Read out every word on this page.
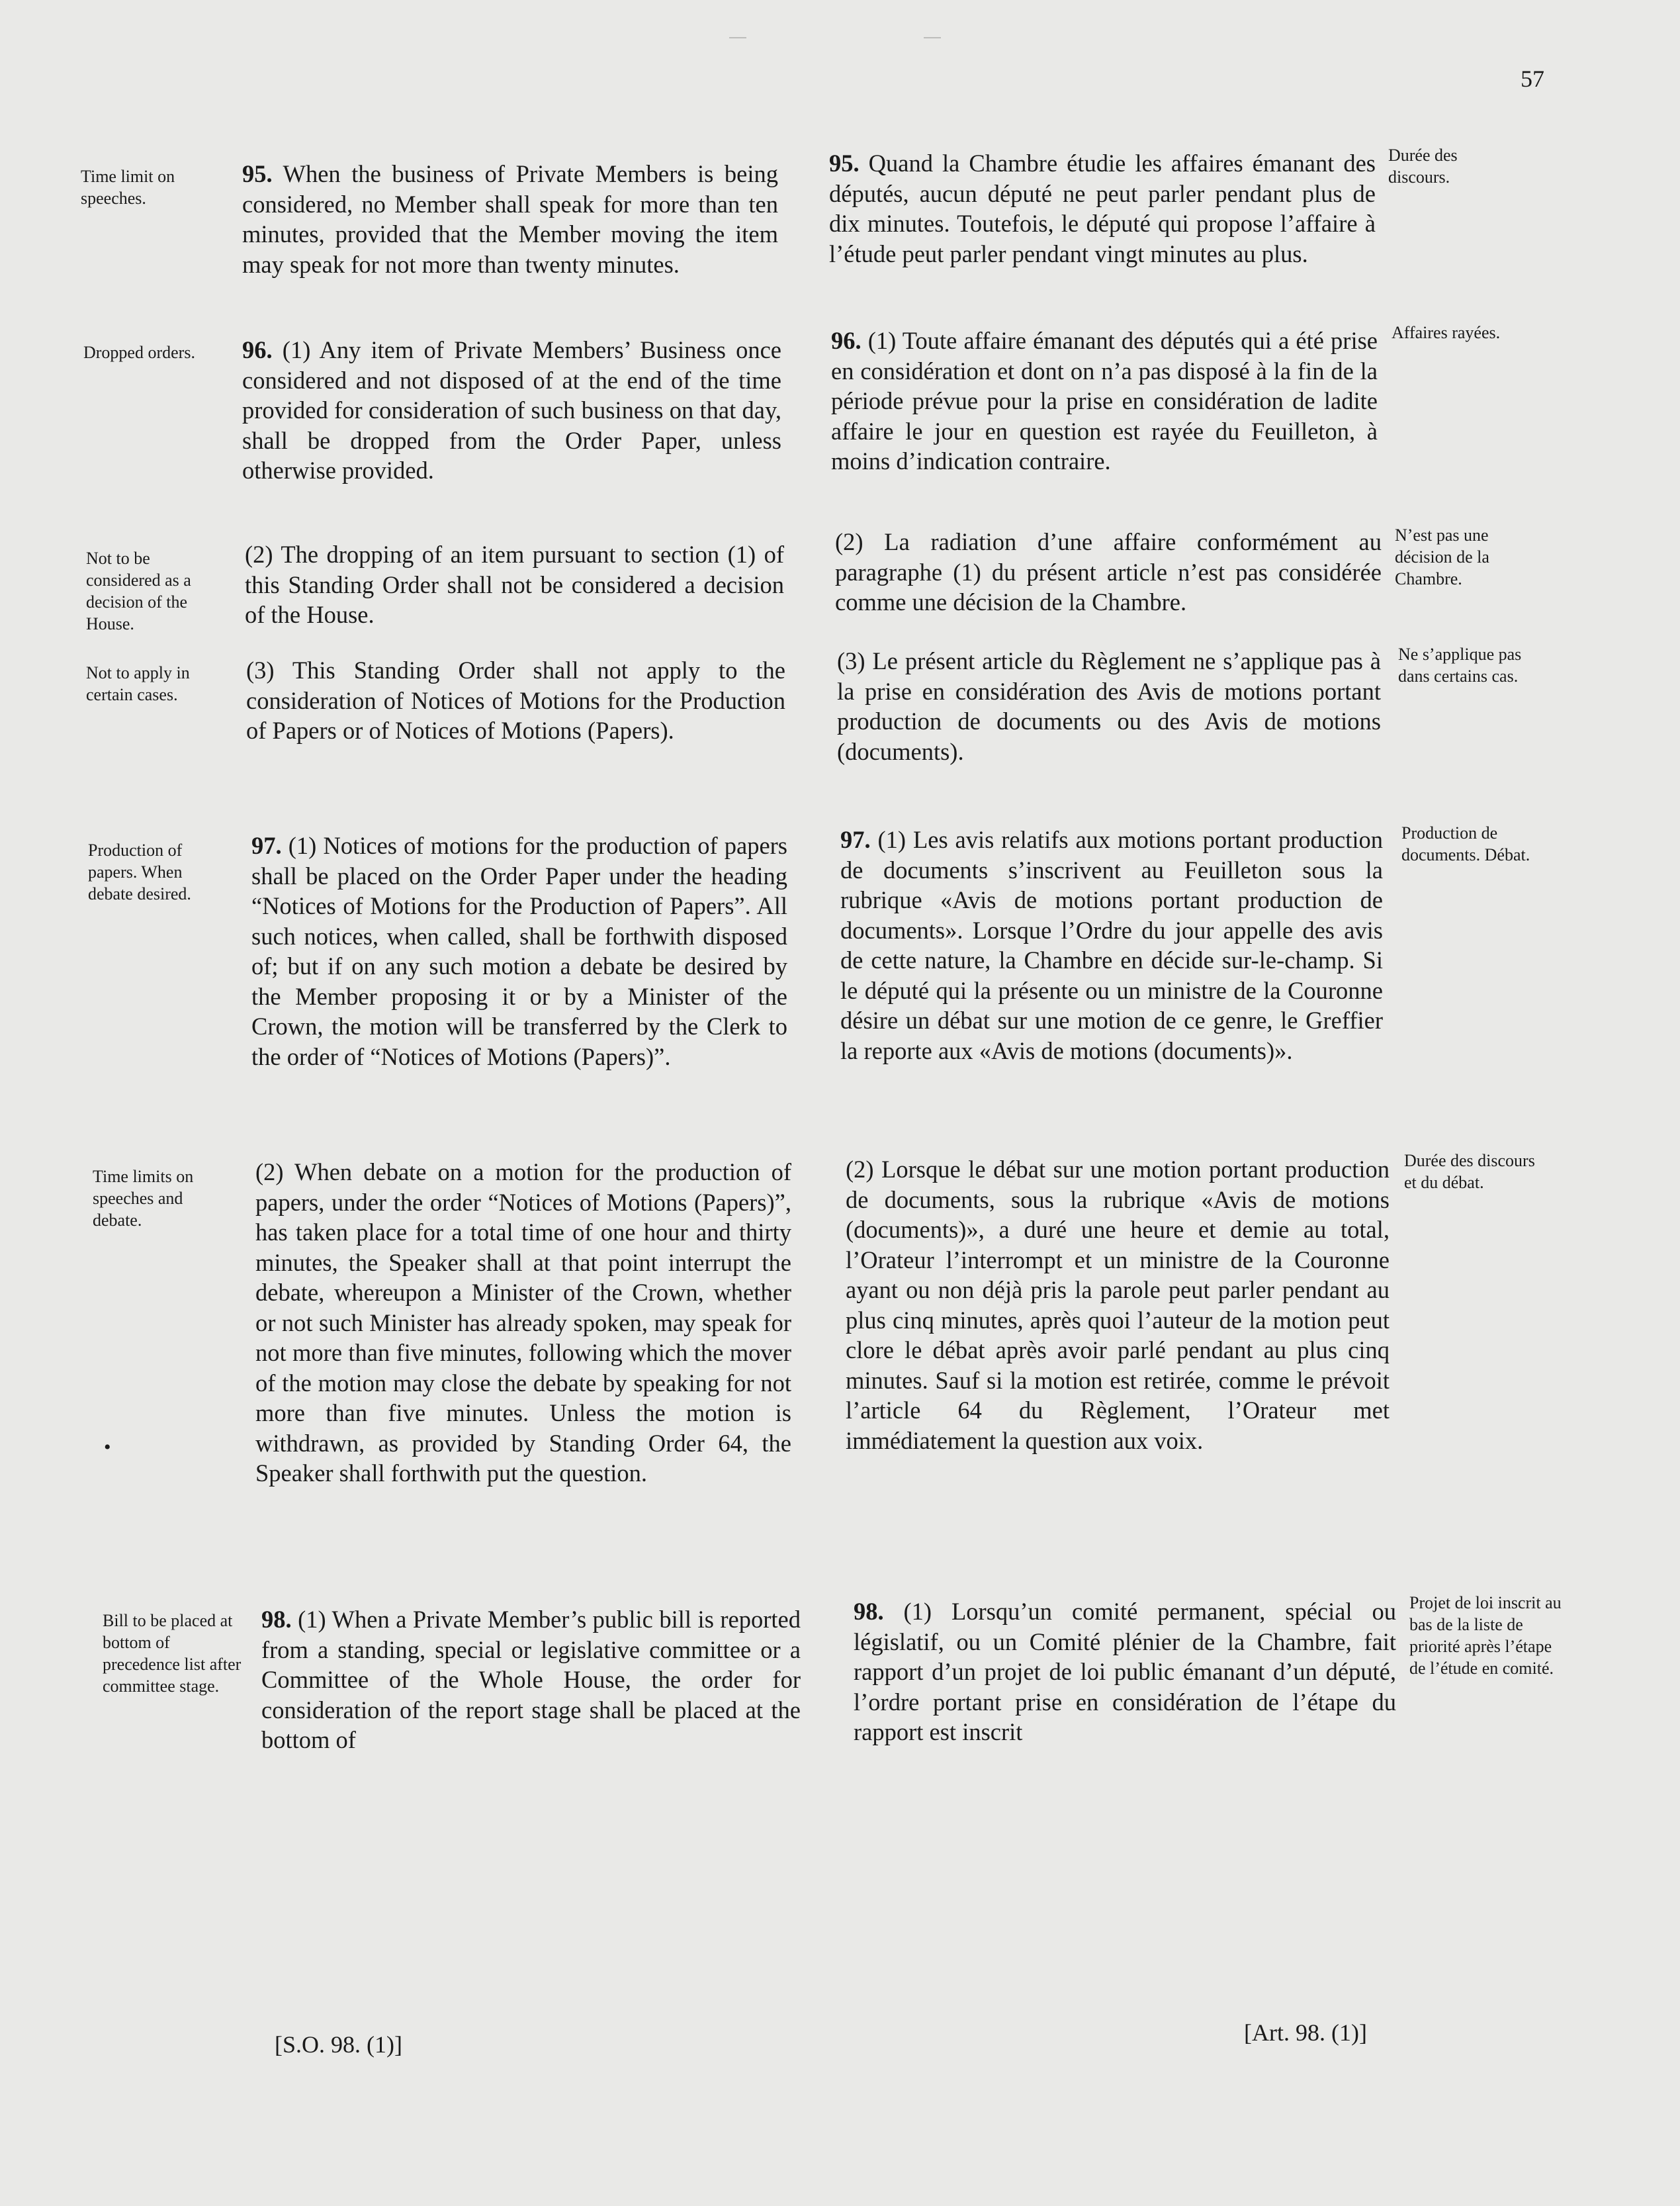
57
Time limit on speeches.
Dropped orders.
Not to be considered as a decision of the House.
Not to apply in certain cases.
Production of papers. When debate desired.
Time limits on speeches and debate.
Bill to be placed at bottom of precedence list after committee stage.
95. When the business of Private Members is being considered, no Member shall speak for more than ten minutes, provided that the Member moving the item may speak for not more than twenty minutes.
96. (1) Any item of Private Members’ Business once considered and not disposed of at the end of the time provided for consideration of such business on that day, shall be dropped from the Order Paper, unless otherwise provided.
(2) The dropping of an item pursuant to section (1) of this Standing Order shall not be considered a decision of the House.
(3) This Standing Order shall not apply to the consideration of Notices of Motions for the Production of Papers or of Notices of Motions (Papers).
97. (1) Notices of motions for the production of papers shall be placed on the Order Paper under the heading “Notices of Motions for the Production of Papers”. All such notices, when called, shall be forthwith disposed of; but if on any such motion a debate be desired by the Member proposing it or by a Minister of the Crown, the motion will be transferred by the Clerk to the order of “Notices of Motions (Papers)”.
(2) When debate on a motion for the production of papers, under the order “Notices of Motions (Papers)”, has taken place for a total time of one hour and thirty minutes, the Speaker shall at that point interrupt the debate, whereupon a Minister of the Crown, whether or not such Minister has already spoken, may speak for not more than five minutes, following which the mover of the motion may close the debate by speaking for not more than five minutes. Unless the motion is withdrawn, as provided by Standing Order 64, the Speaker shall forthwith put the question.
98. (1) When a Private Member’s public bill is reported from a standing, special or legislative committee or a Committee of the Whole House, the order for consideration of the report stage shall be placed at the bottom of
•
95. Quand la Chambre étudie les affaires émanant des députés, aucun député ne peut parler pendant plus de dix minutes. Toutefois, le député qui propose l’affaire à l’étude peut parler pendant vingt minutes au plus.
96. (1) Toute affaire émanant des députés qui a été prise en considération et dont on n’a pas disposé à la fin de la période prévue pour la prise en considération de ladite affaire le jour en question est rayée du Feuilleton, à moins d’indication contraire.
(2) La radiation d’une affaire conformément au paragraphe (1) du présent article n’est pas considérée comme une décision de la Chambre.
(3) Le présent article du Règlement ne s’applique pas à la prise en considération des Avis de motions portant production de documents ou des Avis de motions (documents).
97. (1) Les avis relatifs aux motions portant production de documents s’inscrivent au Feuilleton sous la rubrique «Avis de motions portant production de documents». Lorsque l’Ordre du jour appelle des avis de cette nature, la Chambre en décide sur-le-champ. Si le député qui la présente ou un ministre de la Couronne désire un débat sur une motion de ce genre, le Greffier la reporte aux «Avis de motions (documents)».
(2) Lorsque le débat sur une motion portant production de documents, sous la rubrique «Avis de motions (documents)», a duré une heure et demie au total, l’Orateur l’interrompt et un ministre de la Couronne ayant ou non déjà pris la parole peut parler pendant au plus cinq minutes, après quoi l’auteur de la motion peut clore le débat après avoir parlé pendant au plus cinq minutes. Sauf si la motion est retirée, comme le prévoit l’article 64 du Règlement, l’Orateur met immédiatement la question aux voix.
98. (1) Lorsqu’un comité permanent, spécial ou législatif, ou un Comité plénier de la Chambre, fait rapport d’un projet de loi public émanant d’un député, l’ordre portant prise en considération de l’étape du rapport est inscrit
Durée des discours.
Affaires rayées.
N’est pas une décision de la Chambre.
Ne s’applique pas dans certains cas.
Production de documents. Débat.
Durée des discours et du débat.
Projet de loi inscrit au bas de la liste de priorité après l’étape de l’étude en comité.
[S.O. 98. (1)]	[Art. 98. (1)]
